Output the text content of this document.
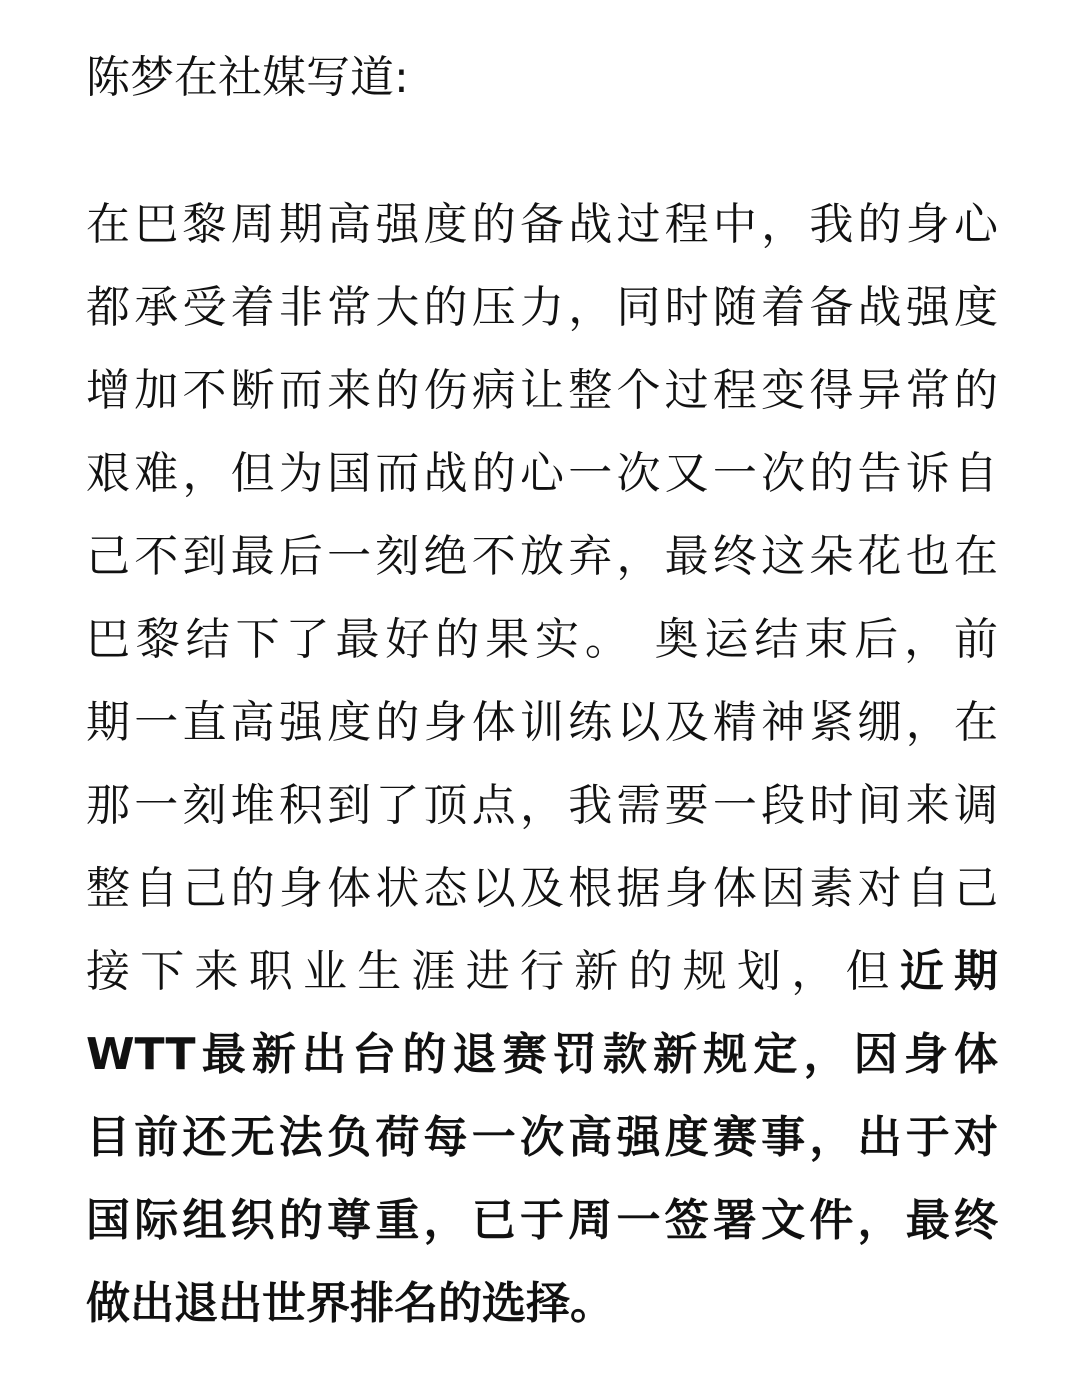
陈梦在社媒写道:

在巴黎周期高强度的备战过程中，我的身心
都承受着非常大的压力，同时随着备战强度
增加不断而来的伤病让整个过程变得异常的
艰难，但为国而战的心一次又一次的告诉自
己不到最后一刻绝不放弃，最终这朵花也在
巴黎结下了最好的果实。 奥运结束后，前
期一直高强度的身体训练以及精神紧绷，在
那一刻堆积到了顶点，我需要一段时间来调
整自己的身体状态以及根据身体因素对自己
接下来职业生涯进行新的规划，但近期
WTT最新出台的退赛罚款新规定，因身体
目前还无法负荷每一次高强度赛事，出于对
国际组织的尊重，已于周一签署文件，最终
做出退出世界排名的选择。
